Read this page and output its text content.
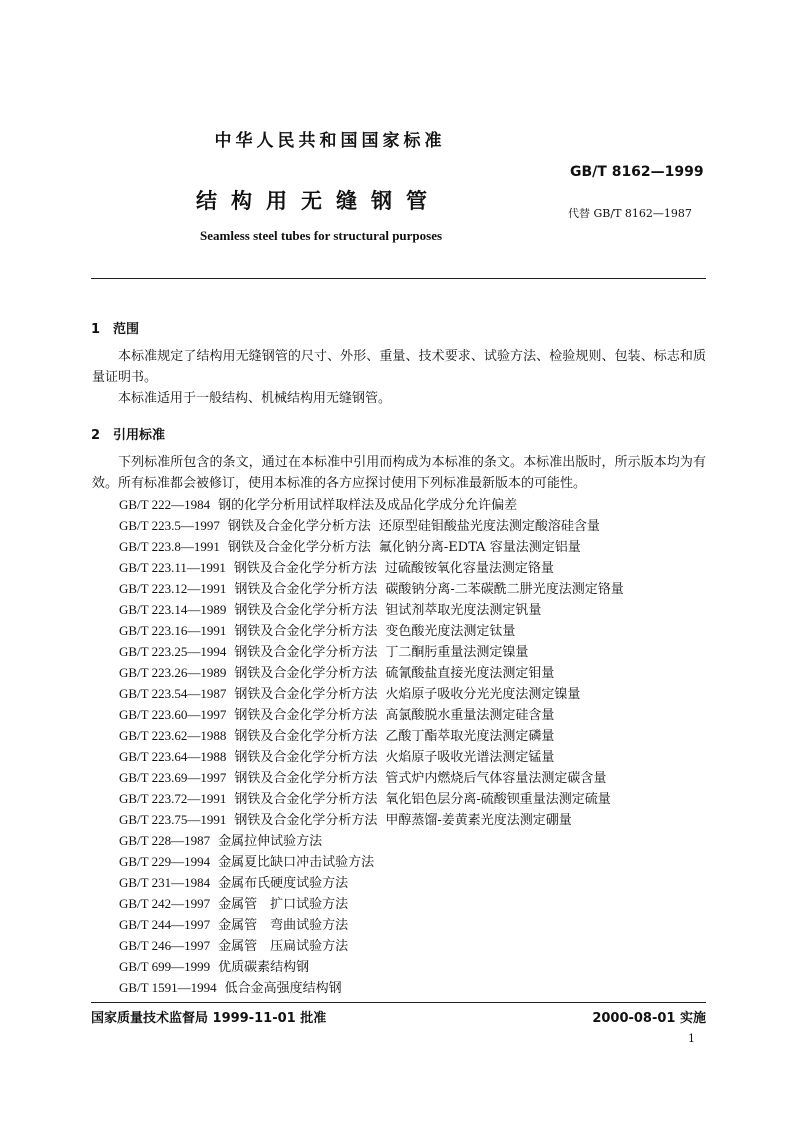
中华人民共和国国家标准
GB/T 8162—1999
结构用无缝钢管
代替 GB/T 8162—1987
Seamless steel tubes for structural purposes
1 范围

本标准规定了结构用无缝钢管的尺寸、外形、重量、技术要求、试验方法、检验规则、包装、标志和质量证明书。

本标准适用于一般结构、机械结构用无缝钢管。

2 引用标准

下列标准所包含的条文，通过在本标准中引用而构成为本标准的条文。本标准出版时，所示版本均为有效。所有标准都会被修订，使用本标准的各方应探讨使用下列标准最新版本的可能性。

GB/T 222—1984 钢的化学分析用试样取样法及成品化学成分允许偏差
GB/T 223.5—1997 钢铁及合金化学分析方法 还原型硅钼酸盐光度法测定酸溶硅含量
GB/T 223.8—1991 钢铁及合金化学分析方法 氟化钠分离-EDTA 容量法测定铝量
GB/T 223.11—1991 钢铁及合金化学分析方法 过硫酸铵氧化容量法测定铬量
GB/T 223.12—1991 钢铁及合金化学分析方法 碳酸钠分离-二苯碳酰二肼光度法测定铬量
GB/T 223.14—1989 钢铁及合金化学分析方法 钽试剂萃取光度法测定钒量
GB/T 223.16—1991 钢铁及合金化学分析方法 变色酸光度法测定钛量
GB/T 223.25—1994 钢铁及合金化学分析方法 丁二酮肟重量法测定镍量
GB/T 223.26—1989 钢铁及合金化学分析方法 硫氰酸盐直接光度法测定钼量
GB/T 223.54—1987 钢铁及合金化学分析方法 火焰原子吸收分光光度法测定镍量
GB/T 223.60—1997 钢铁及合金化学分析方法 高氯酸脱水重量法测定硅含量
GB/T 223.62—1988 钢铁及合金化学分析方法 乙酸丁酯萃取光度法测定磷量
GB/T 223.64—1988 钢铁及合金化学分析方法 火焰原子吸收光谱法测定锰量
GB/T 223.69—1997 钢铁及合金化学分析方法 管式炉内燃烧后气体容量法测定碳含量
GB/T 223.72—1991 钢铁及合金化学分析方法 氧化铝色层分离-硫酸钡重量法测定硫量
GB/T 223.75—1991 钢铁及合金化学分析方法 甲醇蒸馏-姜黄素光度法测定硼量
GB/T 228—1987 金属拉伸试验方法
GB/T 229—1994 金属夏比缺口冲击试验方法
GB/T 231—1984 金属布氏硬度试验方法
GB/T 242—1997 金属管　扩口试验方法
GB/T 244—1997 金属管　弯曲试验方法
GB/T 246—1997 金属管　压扁试验方法
GB/T 699—1999 优质碳素结构钢
GB/T 1591—1994 低合金高强度结构钢
国家质量技术监督局 1999-11-01 批准	2000-08-01 实施
1
